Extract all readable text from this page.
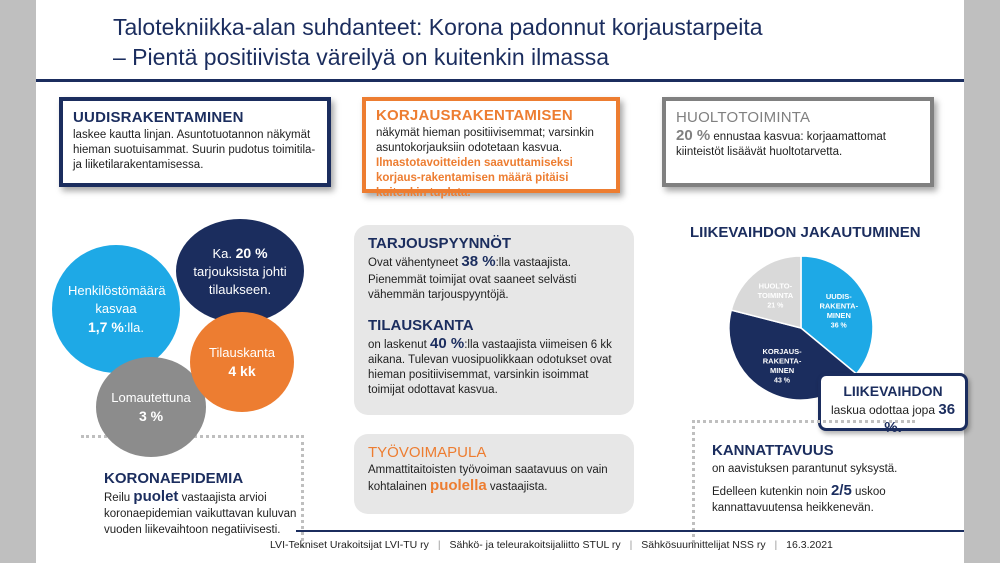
Talotekniikka-alan suhdanteet: Korona padonnut korjaustarpeita
– Pientä positiivista väreilyä on kuitenkin ilmassa
UUDISRAKENTAMINEN

laskee kautta linjan. Asuntotuotannon näkymät hieman suotuisammat. Suurin pudotus toimitila- ja liiketilarakentamisessa.

KORJAUSRAKENTAMISEN

näkymät hieman positiivisemmat; varsinkin asuntokorjauksiin odotetaan kasvua.
Ilmastotavoitteiden saavuttamiseksi korjaus-rakentamisen määrä pitäisi kuitenkin tuplata.

HUOLTOTOIMINTA

20 % ennustaa kasvua: korjaamattomat kiinteistöt lisäävät huoltotarvetta.

Henkilöstömäärä kasvaa
1,7 %:lla.
Ka. 20 %
tarjouksista johti tilaukseen.
Tilauskanta
4 kk
Lomautettuna
3 %
TARJOUSPYYNNÖT

Ovat vähentyneet 38 %:lla vastaajista.

Pienemmät toimijat ovat saaneet selvästi vähemmän tarjouspyyntöjä.

TILAUSKANTA

on laskenut 40 %:lla vastaajista viimeisen 6 kk aikana. Tulevan vuosipuolikkaan odotukset ovat hieman positiivisemmat, varsinkin isoimmat toimijat odottavat kasvua.

TYÖVOIMAPULA

Ammattitaitoisten työvoiman saatavuus on vain kohtalainen puolella vastaajista.

KORONAEPIDEMIA

Reilu puolet vastaajista arvioi koronaepidemian vaikuttavan kuluvan vuoden liikevaihtoon negatiivisesti.

LIIKEVAIHDON JAKAUTUMINEN
UUDIS-
RAKENTA-
MINEN
36 %
KORJAUS-
RAKENTA-
MINEN
43 %
HUOLTO-
TOIMINTA
21 %
LIIKEVAIHDON laskua odottaa jopa 36 %.
KANNATTAVUUS

on aavistuksen parantunut syksystä.

Edelleen kutenkin noin 2/5 uskoo kannattavuutensa heikkenevän.

LVI-Tekniset Urakoitsijat LVI-TU ry | Sähkö- ja teleurakoitsijaliitto STUL ry | Sähkösuunnittelijat NSS ry | 16.3.2021
